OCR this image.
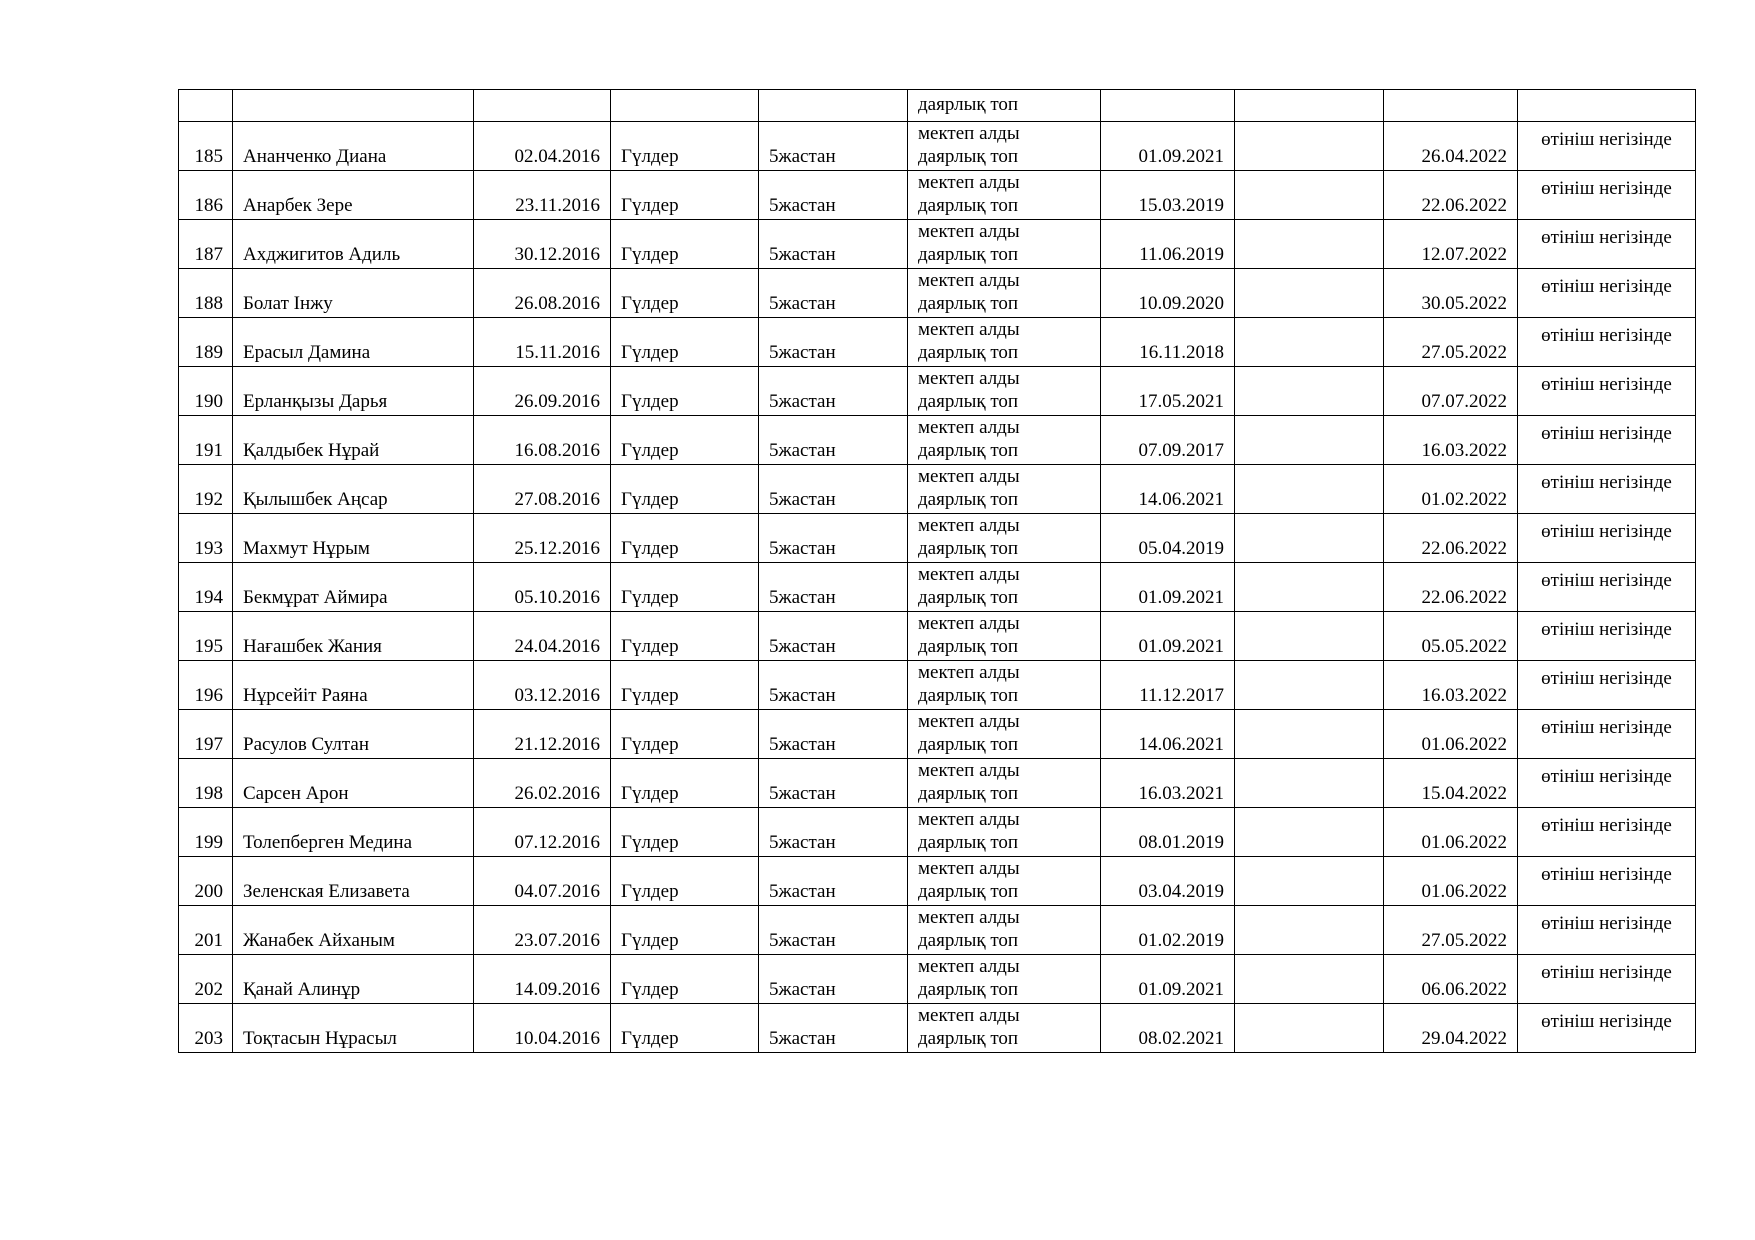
					даярлық топ				
185	Ананченко Диана	02.04.2016	Гүлдер	5жастан	мектеп алды
даярлық топ	01.09.2021		26.04.2022	өтініш негізінде
186	Анарбек Зере	23.11.2016	Гүлдер	5жастан	мектеп алды
даярлық топ	15.03.2019		22.06.2022	өтініш негізінде
187	Ахджигитов Адиль	30.12.2016	Гүлдер	5жастан	мектеп алды
даярлық топ	11.06.2019		12.07.2022	өтініш негізінде
188	Болат Інжу	26.08.2016	Гүлдер	5жастан	мектеп алды
даярлық топ	10.09.2020		30.05.2022	өтініш негізінде
189	Ерасыл Дамина	15.11.2016	Гүлдер	5жастан	мектеп алды
даярлық топ	16.11.2018		27.05.2022	өтініш негізінде
190	Ерланқызы Дарья	26.09.2016	Гүлдер	5жастан	мектеп алды
даярлық топ	17.05.2021		07.07.2022	өтініш негізінде
191	Қалдыбек Нұрай	16.08.2016	Гүлдер	5жастан	мектеп алды
даярлық топ	07.09.2017		16.03.2022	өтініш негізінде
192	Қылышбек Аңсар	27.08.2016	Гүлдер	5жастан	мектеп алды
даярлық топ	14.06.2021		01.02.2022	өтініш негізінде
193	Махмут Нұрым	25.12.2016	Гүлдер	5жастан	мектеп алды
даярлық топ	05.04.2019		22.06.2022	өтініш негізінде
194	Бекмұрат Аймира	05.10.2016	Гүлдер	5жастан	мектеп алды
даярлық топ	01.09.2021		22.06.2022	өтініш негізінде
195	Нағашбек Жания	24.04.2016	Гүлдер	5жастан	мектеп алды
даярлық топ	01.09.2021		05.05.2022	өтініш негізінде
196	Нұрсейіт Раяна	03.12.2016	Гүлдер	5жастан	мектеп алды
даярлық топ	11.12.2017		16.03.2022	өтініш негізінде
197	Расулов Султан	21.12.2016	Гүлдер	5жастан	мектеп алды
даярлық топ	14.06.2021		01.06.2022	өтініш негізінде
198	Сарсен Арон	26.02.2016	Гүлдер	5жастан	мектеп алды
даярлық топ	16.03.2021		15.04.2022	өтініш негізінде
199	Толепберген Медина	07.12.2016	Гүлдер	5жастан	мектеп алды
даярлық топ	08.01.2019		01.06.2022	өтініш негізінде
200	Зеленская Елизавета	04.07.2016	Гүлдер	5жастан	мектеп алды
даярлық топ	03.04.2019		01.06.2022	өтініш негізінде
201	Жанабек Айханым	23.07.2016	Гүлдер	5жастан	мектеп алды
даярлық топ	01.02.2019		27.05.2022	өтініш негізінде
202	Қанай Алинұр	14.09.2016	Гүлдер	5жастан	мектеп алды
даярлық топ	01.09.2021		06.06.2022	өтініш негізінде
203	Тоқтасын Нұрасыл	10.04.2016	Гүлдер	5жастан	мектеп алды
даярлық топ	08.02.2021		29.04.2022	өтініш негізінде
